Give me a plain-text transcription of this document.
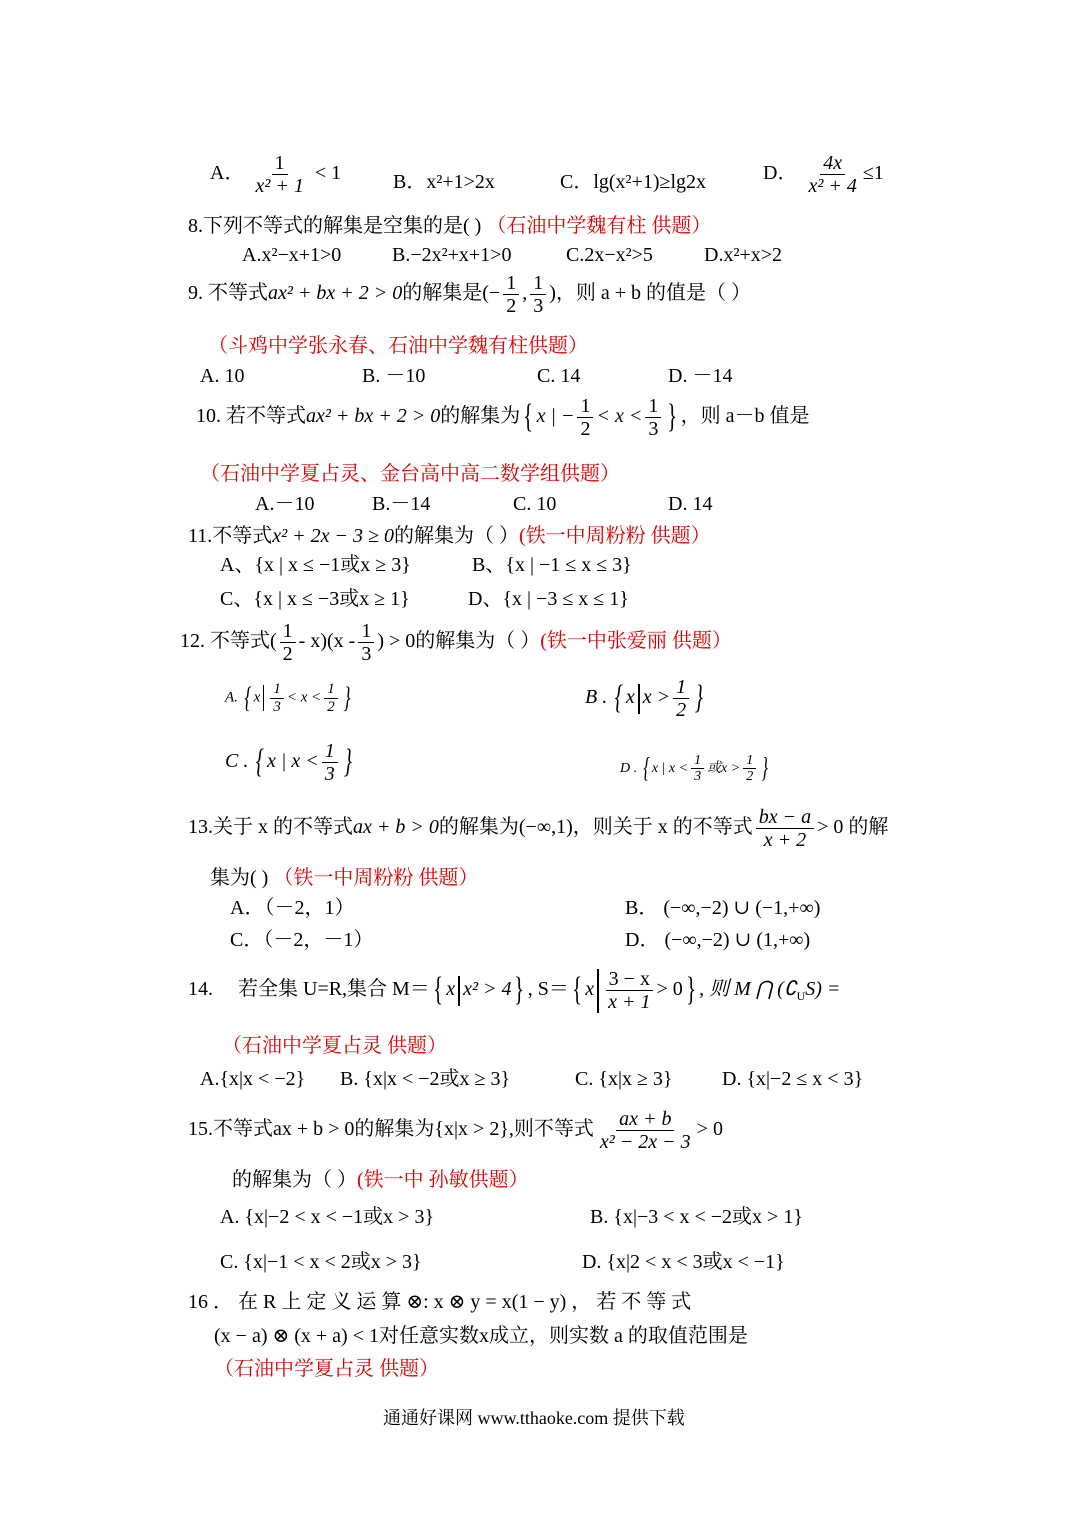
A． $\frac{1}{\text{x² + 1}} < 1$	B．x²+1>2x	C．lg(x²+1)≥lg2x	D． $\frac{4x}{\text{x² + 4}} \le 1$
8.下列不等式的解集是空集的是( ) （石油中学魏有柱 供题）
A.x²−x+1>0	B.−2x²+x+1>0	C.2x−x²>5	D.x²+x>2
9. 不等式ax² + bx + 2 > 0的解集是(− $\frac{1}{2}$ , $\frac{1}{3}$ )，则 a + b 的值是（ ）
（斗鸡中学张永春、石油中学魏有柱供题）
A. 10	B. －10	C. 14	D. －14
10. 若不等式ax² + bx + 2 > 0的解集为{ x | − $\frac{1}{2} < x < \frac{1}{3}$ } ，则 a－b 值是
（石油中学夏占灵、金台高中高二数学组供题）
A.－10	B.－14	C. 10	D. 14
11.不等式x² + 2x − 3 ≥ 0的解集为（ ）(铁一中周粉粉 供题）
A、{x | x ≤ −1或x ≥ 3}	B、{x | −1 ≤ x ≤ 3}
C、{x | x ≤ −3或x ≥ 1}	D、{x | −3 ≤ x ≤ 1}
12. 不等式( $\frac{1}{2} - x)(x - \frac{1}{3}$ ) > 0的解集为（ ）(铁一中张爱丽 供题）
A. { x $\frac{1}{3} < x < \frac{1}{2}$ }	B . { x $x > \frac{1}{2}$ }
C . { x | $x < \frac{1}{3}$ }	D . { x | $x < \frac{1}{3}$ 或$x > \frac{1}{2}$ }
13.关于 x 的不等式ax + b > 0的解集为(−∞,1)，则关于 x 的不等式 $\frac{bx - a}{x + 2} > 0$ 的解
集为( ) （铁一中周粉粉 供题）
A．（－2，1）	B． (−∞,−2) ∪ (−1,+∞)
C．（－2，－1）	D． (−∞,−2) ∪ (1,+∞)
14. 若全集 U=R,集合 M＝{ x x² > 4} , S＝{ x $\frac{3 - x}{x + 1} > 0$} , 则 M ⋂ $(∁_US)$ =
（石油中学夏占灵 供题）
A.{x|x < −2} B. {x|x < −2或x ≥ 3}	C. {x|x ≥ 3} D. {x|−2 ≤ x < 3}
15.不等式ax + b > 0的解集为{x|x > 2},则不等式 $\frac{ax + b}{\text{x² − 2x − 3}} > 0$
的解集为（ ）(铁一中 孙敏供题）
A. {x|−2 < x < −1或x > 3}	B. {x|−3 < x < −2或x > 1}
C. {x|−1 < x < 2或x > 3}	D. {x|2 < x < 3或x < −1}
16 ． 在 R 上 定 义 运 算 ⊗: x ⊗ y = x(1 − y) ， 若 不 等 式
(x − a) ⊗ (x + a) < 1对任意实数x成立，则实数 a 的取值范围是
（石油中学夏占灵 供题）
通通好课网 www.tthaoke.com 提供下载
